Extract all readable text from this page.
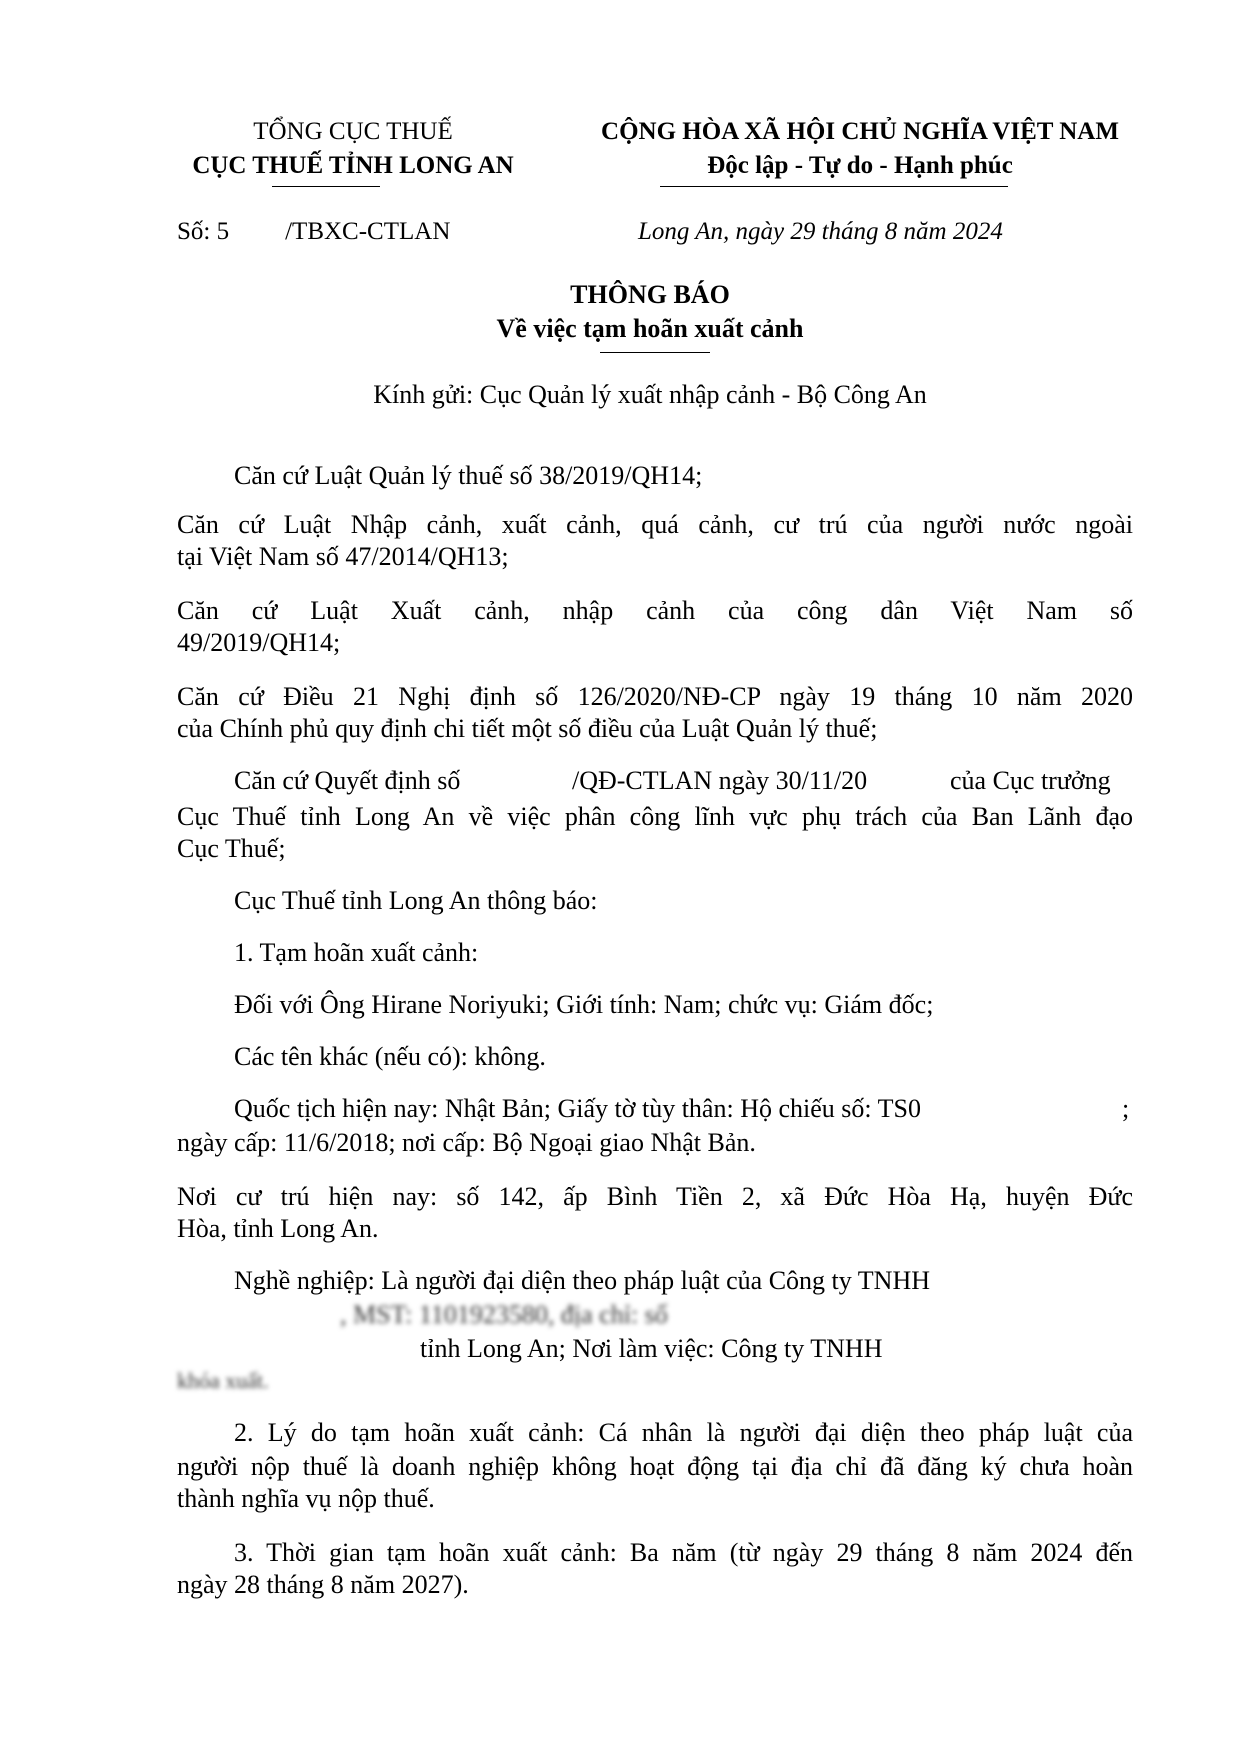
TỔNG CỤC THUẾ
CỤC THUẾ TỈNH LONG AN
CỘNG HÒA XÃ HỘI CHỦ NGHĨA VIỆT NAM
Độc lập - Tự do - Hạnh phúc
Số: 5 /TBXC-CTLAN	Long An, ngày 29 tháng 8 năm 2024
THÔNG BÁO
Về việc tạm hoãn xuất cảnh
Kính gửi: Cục Quản lý xuất nhập cảnh - Bộ Công An
Căn cứ Luật Quản lý thuế số 38/2019/QH14;
Căn cứ Luật Nhập cảnh, xuất cảnh, quá cảnh, cư trú của người nước ngoài
tại Việt Nam số 47/2014/QH13;
Căn cứ Luật Xuất cảnh, nhập cảnh của công dân Việt Nam số
49/2019/QH14;
Căn cứ Điều 21 Nghị định số 126/2020/NĐ-CP ngày 19 tháng 10 năm 2020
của Chính phủ quy định chi tiết một số điều của Luật Quản lý thuế;
Căn cứ Quyết định số	/QĐ-CTLAN ngày 30/11/20	của Cục trưởng
Cục Thuế tỉnh Long An về việc phân công lĩnh vực phụ trách của Ban Lãnh đạo
Cục Thuế;
Cục Thuế tỉnh Long An thông báo:
1. Tạm hoãn xuất cảnh:
Đối với Ông Hirane Noriyuki; Giới tính: Nam; chức vụ: Giám đốc;
Các tên khác (nếu có): không.
Quốc tịch hiện nay: Nhật Bản; Giấy tờ tùy thân: Hộ chiếu số: TS0	;
ngày cấp: 11/6/2018; nơi cấp: Bộ Ngoại giao Nhật Bản.
Nơi cư trú hiện nay: số 142, ấp Bình Tiền 2, xã Đức Hòa Hạ, huyện Đức
Hòa, tỉnh Long An.
Nghề nghiệp: Là người đại diện theo pháp luật của Công ty TNHH
, MST: 1101923580, địa chỉ: số
tỉnh Long An; Nơi làm việc: Công ty TNHH
khóa xuất.
2. Lý do tạm hoãn xuất cảnh: Cá nhân là người đại diện theo pháp luật của
người nộp thuế là doanh nghiệp không hoạt động tại địa chỉ đã đăng ký chưa hoàn
thành nghĩa vụ nộp thuế.
3. Thời gian tạm hoãn xuất cảnh: Ba năm (từ ngày 29 tháng 8 năm 2024 đến
ngày 28 tháng 8 năm 2027).
